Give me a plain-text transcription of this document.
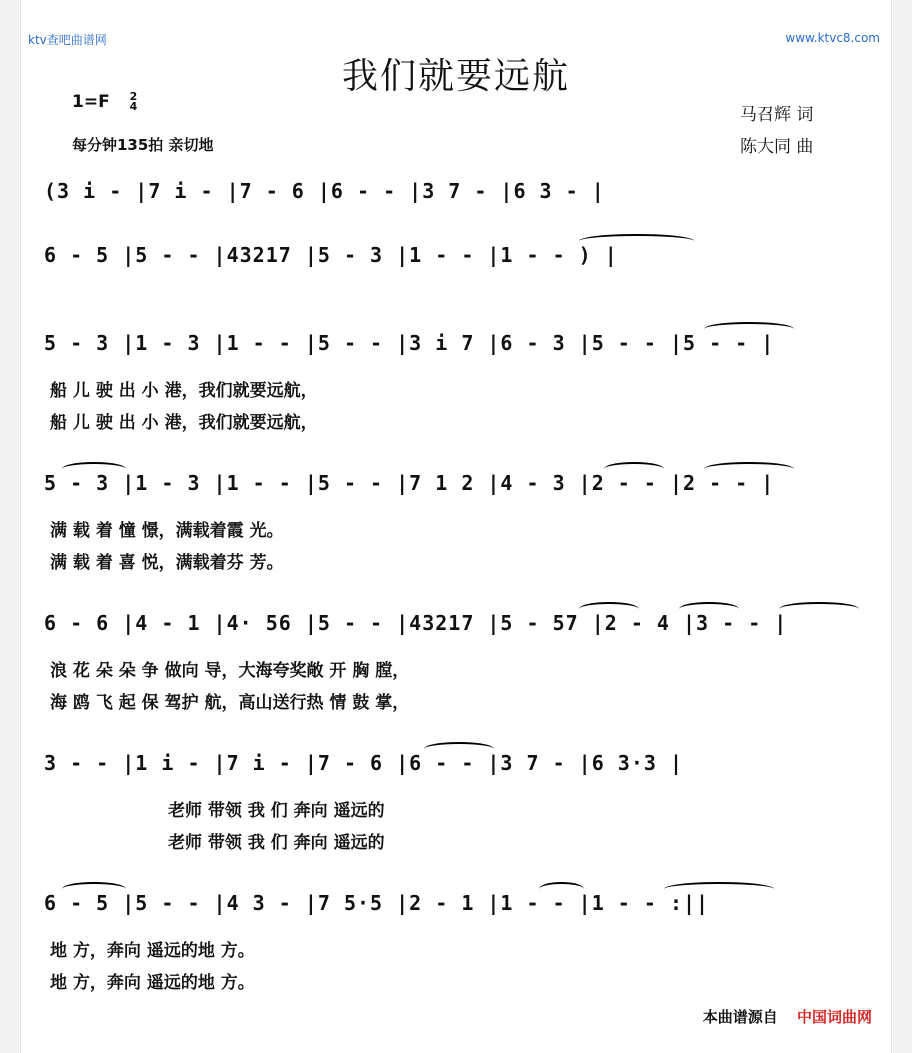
ktv查吧曲谱网	www.ktvc8.com
我们就要远航
1=F 2
4
每分钟135拍 亲切地
马召辉 词
陈大同 曲
(3 i - |7 i - |7 - 6 |6 - - |3 7 - |6 3 - |
6 - 5 |5 - - |43217 |5 - 3 |1 - - |1 - - ) |
5 - 3 |1 - 3 |1 - - |5 - - |3 i 7 |6 - 3 |5 - - |5 - - |
船 儿 驶 出 小 港，我们就要远航，
船 儿 驶 出 小 港，我们就要远航，
5 - 3 |1 - 3 |1 - - |5 - - |7 1 2 |4 - 3 |2 - - |2 - - |
满 载 着 憧 憬，满载着霞 光。
满 载 着 喜 悦，满载着芬 芳。
6 - 6 |4 - 1 |4· 56 |5 - - |43217 |5 - 57 |2 - 4 |3 - - |
浪 花 朵 朵 争 做向 导，大海夸奖敞 开 胸 膛，
海 鸥 飞 起 保 驾护 航，高山送行热 情 鼓 掌，
3 - - |1 i - |7 i - |7 - 6 |6 - - |3 7 - |6 3·3 |
老师 带领 我 们 奔向 遥远的
老师 带领 我 们 奔向 遥远的
6 - 5 |5 - - |4 3 - |7 5·5 |2 - 1 |1 - - |1 - - :||
地 方，奔向 遥远的地 方。
地 方，奔向 遥远的地 方。
本曲谱源自 中国词曲网
